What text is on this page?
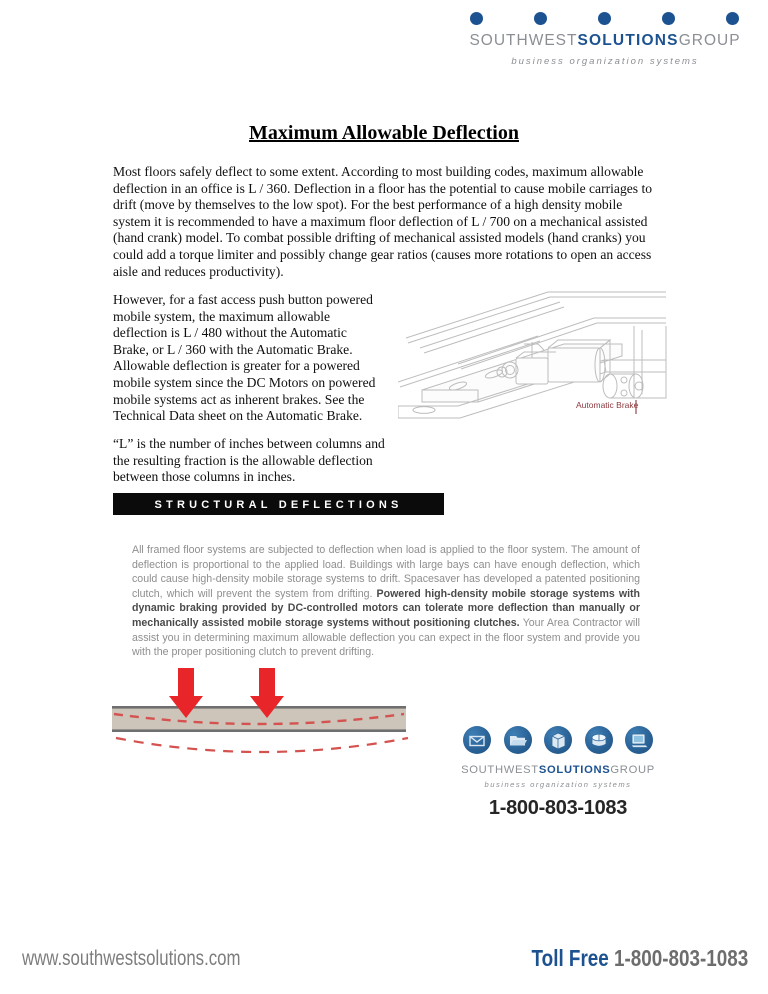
SOUTHWESTSOLUTIONSGROUP
business organization systems
Maximum Allowable Deflection
Most floors safely deflect to some extent. According to most building codes, maximum allowable deflection in an office is L / 360. Deflection in a floor has the potential to cause mobile carriages to drift (move by themselves to the low spot). For the best performance of a high density mobile system it is recommended to have a maximum floor deflection of L / 700 on a mechanical assisted (hand crank) model. To combat possible drifting of mechanical assisted models (hand cranks) you could add a torque limiter and possibly change gear ratios (causes more rotations to open an access aisle and reduces productivity).
However, for a fast access push button powered mobile system, the maximum allowable deflection is L / 480 without the Automatic Brake, or L / 360 with the Automatic Brake. Allowable deflection is greater for a powered mobile system since the DC Motors on powered mobile systems act as inherent brakes. See the Technical Data sheet on the Automatic Brake.
“L” is the number of inches between columns and the resulting fraction is the allowable deflection between those columns in inches.
Automatic Brake
STRUCTURAL DEFLECTIONS
All framed floor systems are subjected to deflection when load is applied to the floor system. The amount of deflection is proportional to the applied load. Buildings with large bays can have enough deflection, which could cause high-density mobile storage systems to drift. Spacesaver has developed a patented positioning clutch, which will prevent the system from drifting. Powered high-density mobile storage systems with dynamic braking provided by DC-controlled motors can tolerate more deflection than manually or mechanically assisted mobile storage systems without positioning clutches. Your Area Contractor will assist you in determining maximum allowable deflection you can expect in the floor system and provide you with the proper positioning clutch to prevent drifting.
SOUTHWESTSOLUTIONSGROUP
business organization systems
1-800-803-1083
www.southwestsolutions.com	Toll Free 1-800-803-1083
